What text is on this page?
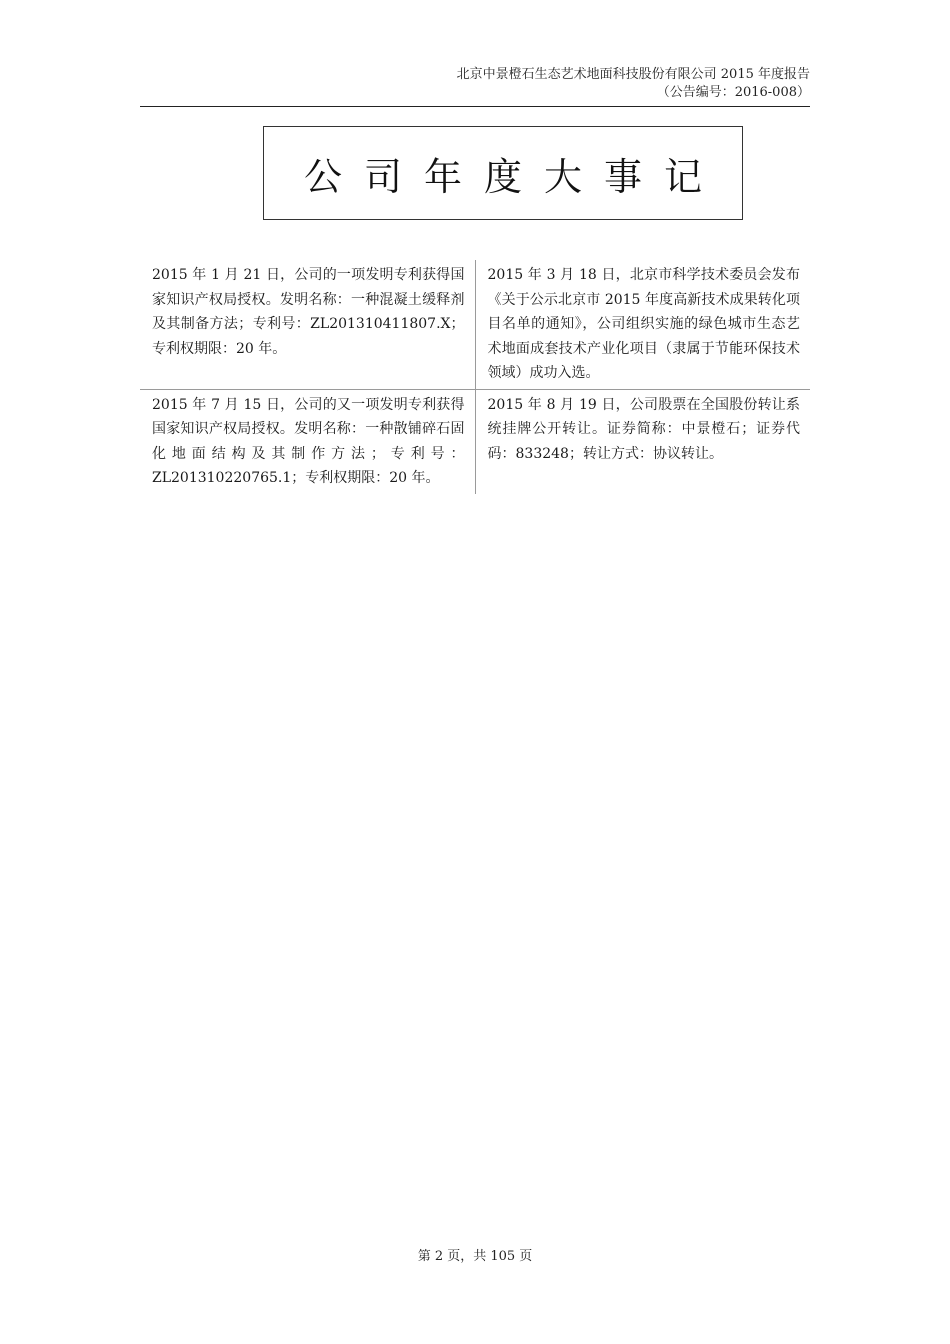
北京中景橙石生态艺术地面科技股份有限公司 2015 年度报告
（公告编号：2016-008）
公司年度大事记
2015 年 1 月 21 日，公司的一项发明专利获得国家知识产权局授权。发明名称：一种混凝土缓释剂及其制备方法；专利号：ZL201310411807.X；专利权期限：20 年。	2015 年 3 月 18 日，北京市科学技术委员会发布《关于公示北京市 2015 年度高新技术成果转化项目名单的通知》，公司组织实施的绿色城市生态艺术地面成套技术产业化项目（隶属于节能环保技术领域）成功入选。
2015 年 7 月 15 日，公司的又一项发明专利获得国家知识产权局授权。发明名称：一种散铺碎石固化地面结构及其制作方法；专利号：ZL201310220765.1；专利权期限：20 年。	2015 年 8 月 19 日，公司股票在全国股份转让系统挂牌公开转让。证券简称：中景橙石；证券代码：833248；转让方式：协议转让。
第 2 页，共 105 页
